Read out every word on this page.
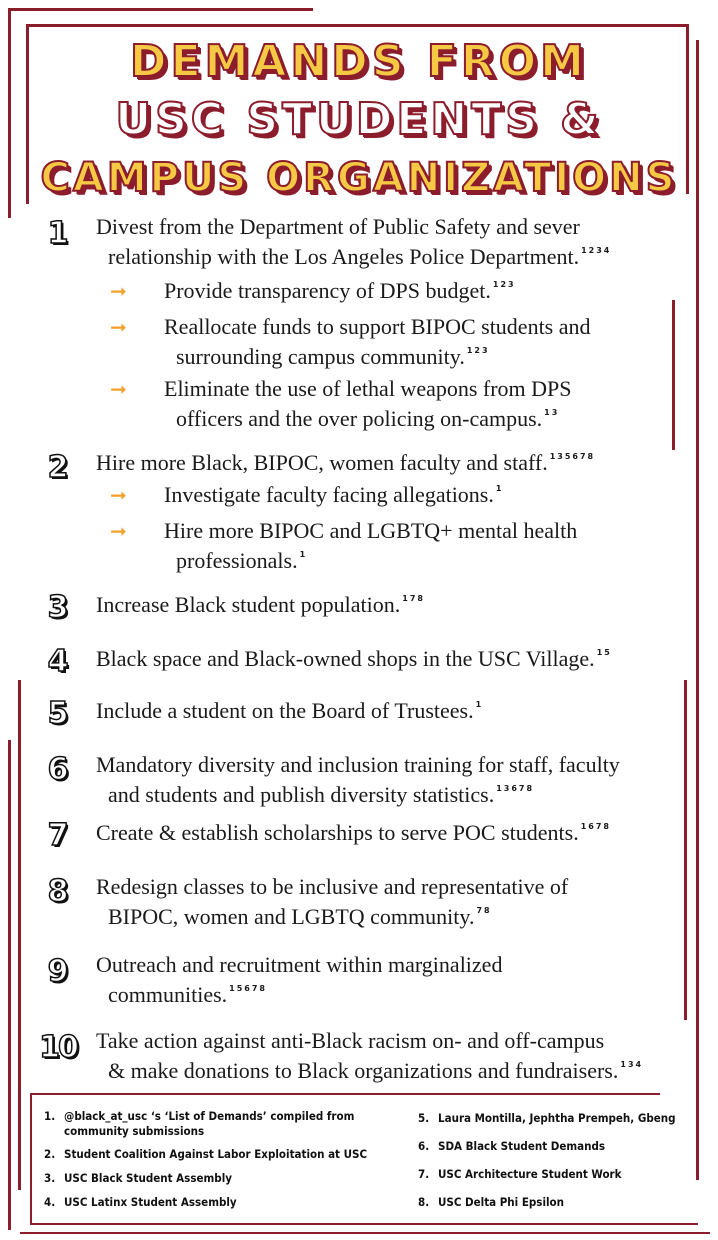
DEMANDS FROM
USC STUDENTS &
CAMPUS ORGANIZATIONS
1	Divest from the Department of Public Safety and sever
relationship with the Los Angeles Police Department. $^{1234}$
➞ Provide transparency of DPS budget. $^{123}$
➞ Reallocate funds to support BIPOC students and
surrounding campus community. $^{123}$
➞ Eliminate the use of lethal weapons from DPS
officers and the over policing on-campus. $^{13}$
2	Hire more Black, BIPOC, women faculty and staff. $^{135678}$
➞ Investigate faculty facing allegations. $^1$
➞ Hire more BIPOC and LGBTQ+ mental health
professionals. $^1$
3	Increase Black student population. $^{178}$
4	Black space and Black-owned shops in the USC Village. $^{15}$
5	Include a student on the Board of Trustees. $^1$
6	Mandatory diversity and inclusion training for staff, faculty
and students and publish diversity statistics. $^{13678}$
7	Create & establish scholarships to serve POC students. $^{1678}$
8	Redesign classes to be inclusive and representative of
BIPOC, women and LGBTQ community. $^{78}$
9	Outreach and recruitment within marginalized
communities. $^{15678}$
10 Take action against anti-Black racism on- and off-campus
& make donations to Black organizations and fundraisers. $^{134}$
1. @black_at_usc ‘s ‘List of Demands’ compiled from
community submissions
2. Student Coalition Against Labor Exploitation at USC
3. USC Black Student Assembly
4. USC Latinx Student Assembly
5. Laura Montilla, Jephtha Prempeh, Gbeng
6. SDA Black Student Demands
7. USC Architecture Student Work
8. USC Delta Phi Epsilon
